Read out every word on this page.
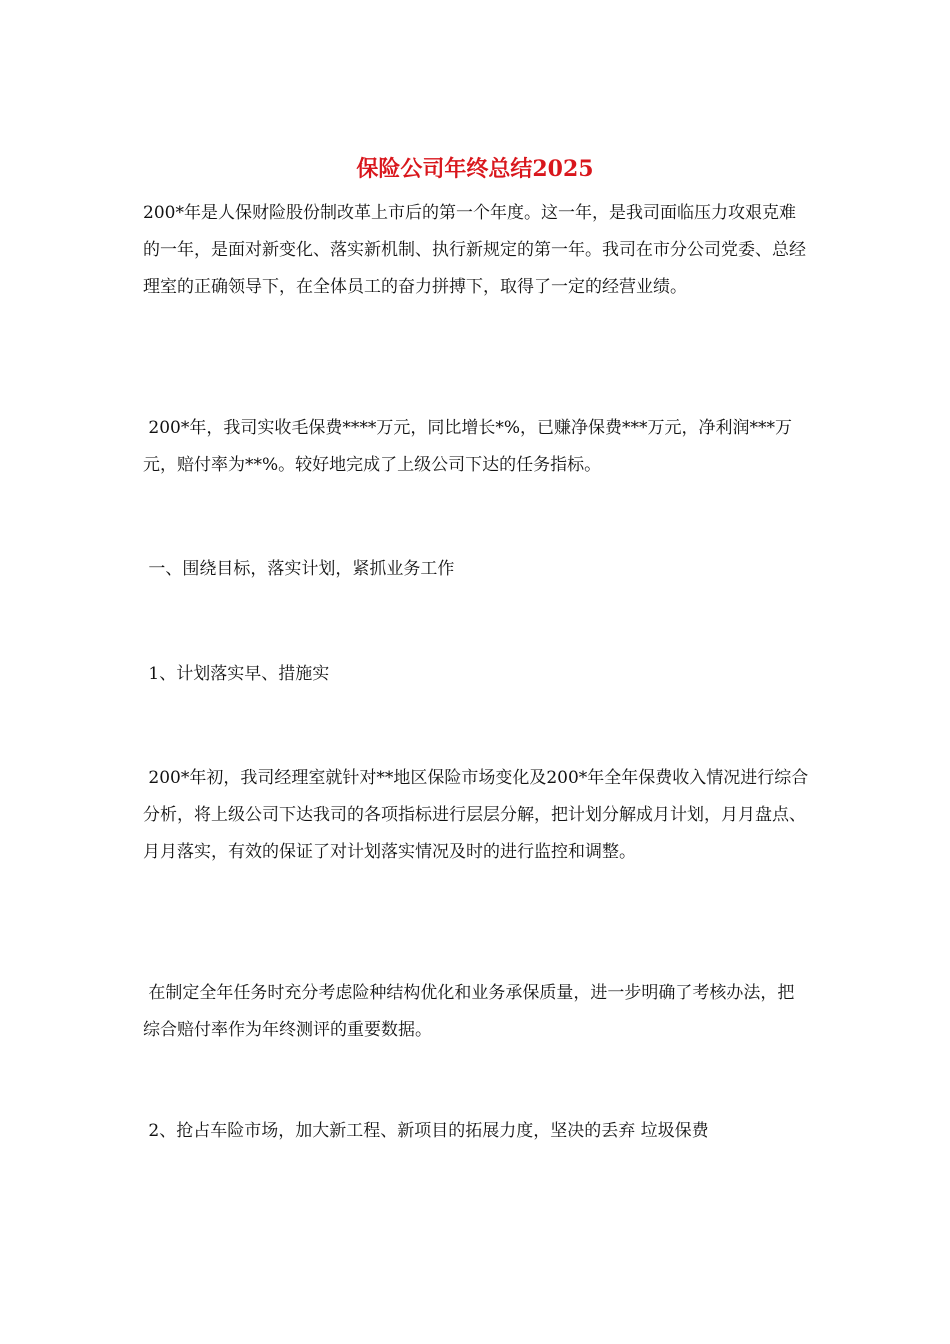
保险公司年终总结2025

200*年是人保财险股份制改革上市后的第一个年度。这一年，是我司面临压力攻艰克难的一年，是面对新变化、落实新机制、执行新规定的第一年。我司在市分公司党委、总经理室的正确领导下，在全体员工的奋力拼搏下，取得了一定的经营业绩。

200*年，我司实收毛保费****万元，同比增长*%，已赚净保费***万元，净利润***万元，赔付率为**%。较好地完成了上级公司下达的任务指标。

一、围绕目标，落实计划，紧抓业务工作

1、计划落实早、措施实

200*年初，我司经理室就针对**地区保险市场变化及200*年全年保费收入情况进行综合分析，将上级公司下达我司的各项指标进行层层分解，把计划分解成月计划，月月盘点、月月落实，有效的保证了对计划落实情况及时的进行监控和调整。

在制定全年任务时充分考虑险种结构优化和业务承保质量，进一步明确了考核办法，把综合赔付率作为年终测评的重要数据。

2、抢占车险市场，加大新工程、新项目的拓展力度，坚决的丢弃 垃圾保费
